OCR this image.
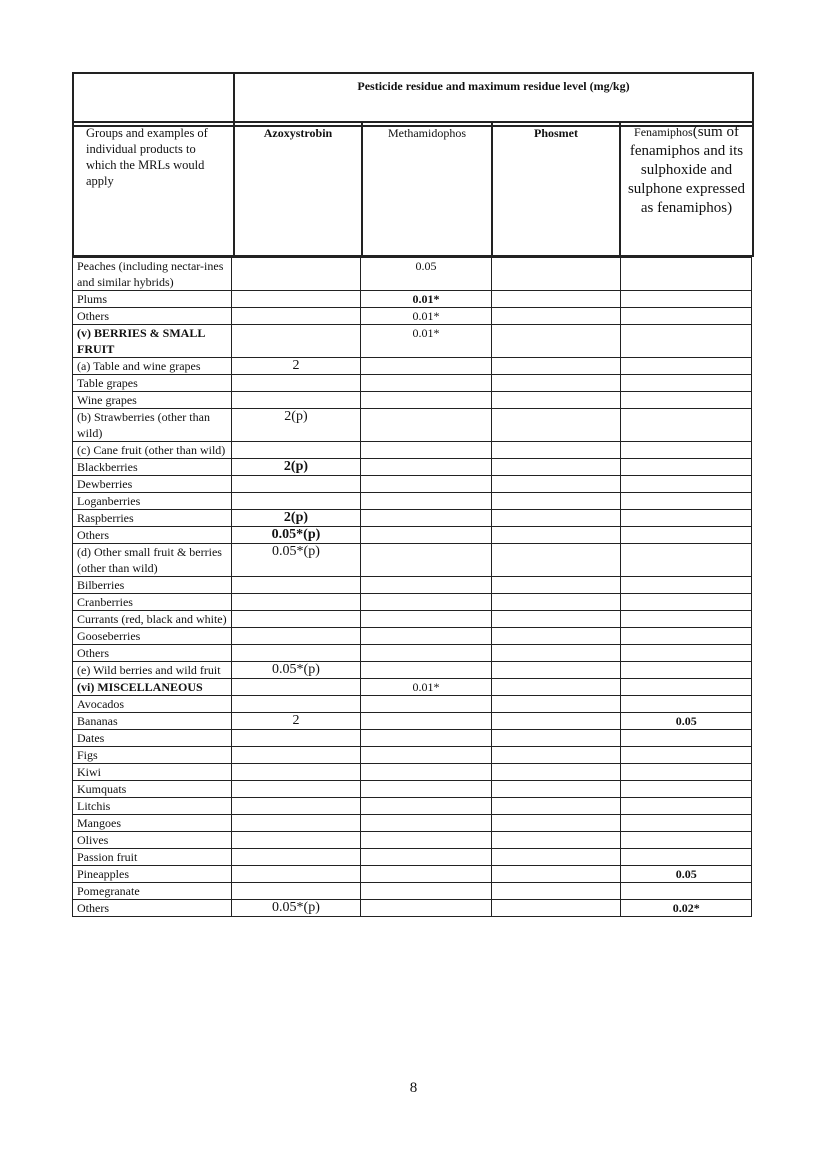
	Pesticide residue and maximum residue level (mg/kg)
Groups and examples of individual products to which the MRLs would apply	Azoxystrobin	Methamidophos	Phosmet	Fenamiphos(sum of fenamiphos and its sulphoxide and sulphone expressed as fenamiphos)
Peaches (including nectar-ines and similar hybrids)		0.05		
Plums		0.01*		
Others		0.01*		
(v) BERRIES & SMALL FRUIT		0.01*		
(a) Table and wine grapes	2			
Table grapes				
Wine grapes				
(b) Strawberries (other than wild)	2(p)			
(c) Cane fruit (other than wild)				
Blackberries	2(p)			
Dewberries				
Loganberries				
Raspberries	2(p)			
Others	0.05*(p)			
(d) Other small fruit & berries (other than wild)	0.05*(p)			
Bilberries				
Cranberries				
Currants (red, black and white)				
Gooseberries				
Others				
(e) Wild berries and wild fruit	0.05*(p)			
(vi) MISCELLANEOUS		0.01*		
Avocados				
Bananas	2			0.05
Dates				
Figs				
Kiwi				
Kumquats				
Litchis				
Mangoes				
Olives				
Passion fruit				
Pineapples				0.05
Pomegranate				
Others	0.05*(p)			0.02*
8
